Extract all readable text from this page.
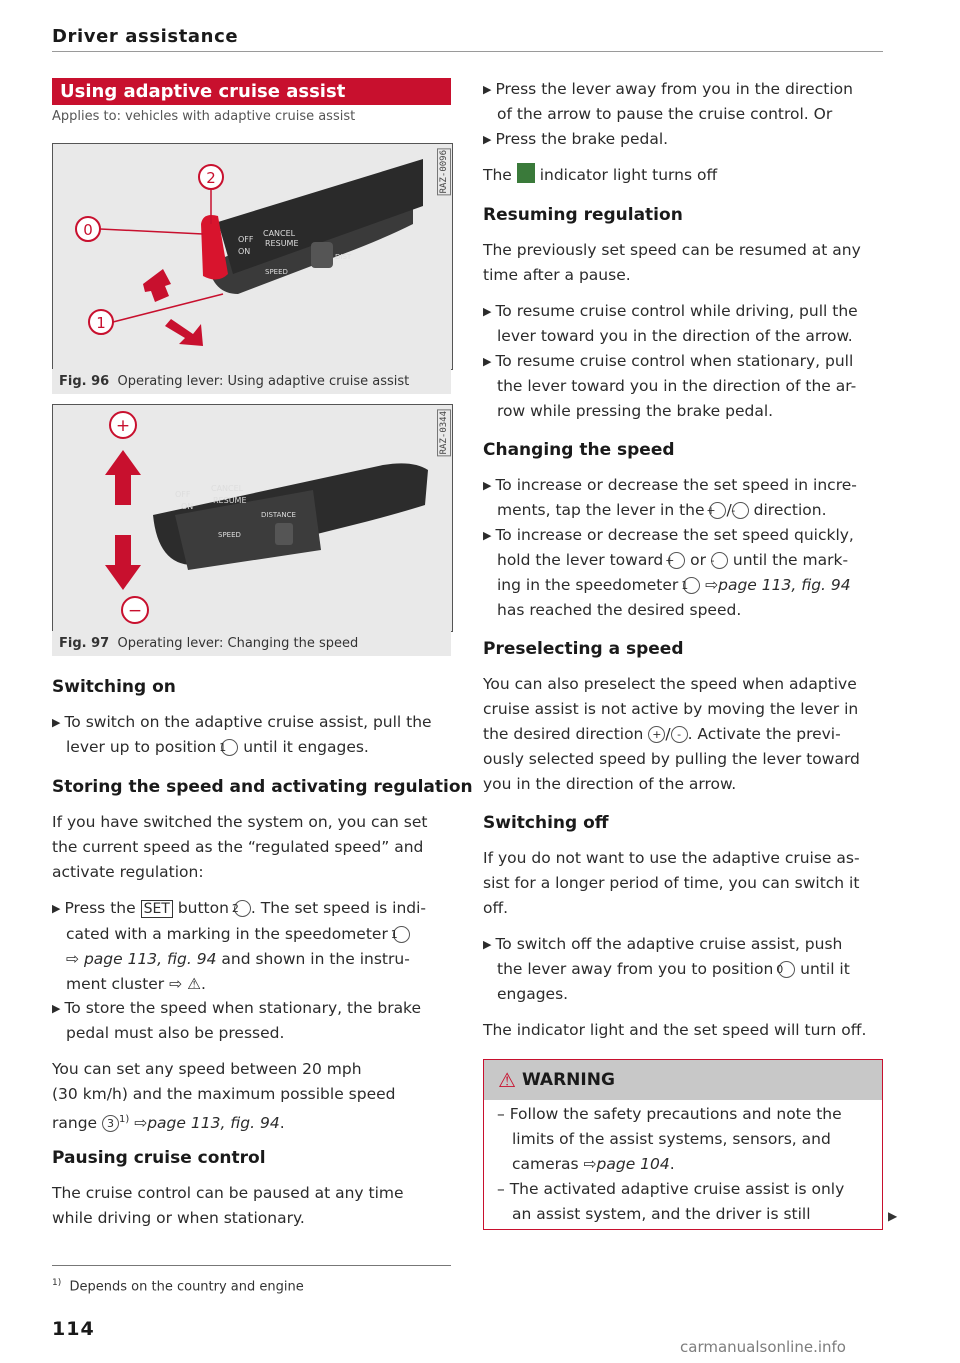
Driver assistance
Using adaptive cruise assist
Applies to: vehicles with adaptive cruise assist
OFF
ON
CANCEL
RESUME
SPEED
DIST
0
2
1
RAZ-0096
Fig. 96 Operating lever: Using adaptive cruise assist
OFF
ON
CANCEL
RESUME
SPEED
DISTANCE
+
−
RAZ-0344
Fig. 97 Operating lever: Changing the speed
Switching on
▶ To switch on the adaptive cruise assist, pull the
lever up to position 1 until it engages.
Storing the speed and activating regulation
If you have switched the system on, you can set
the current speed as the “regulated speed” and
activate regulation:
▶ Press the SET button 2 . The set speed is indi-
cated with a marking in the speedometer 1
⇨ page 113, fig. 94 and shown in the instru-
ment cluster ⇨ ⚠.
▶ To store the speed when stationary, the brake
pedal must also be pressed.
You can set any speed between 20 mph
(30 km/h) and the maximum possible speed
range 3 $^{1)}$ ⇨page 113, fig. 94.
Pausing cruise control
The cruise control can be paused at any time
while driving or when stationary.
$^{1)}$ Depends on the country and engine
114
▶ Press the lever away from you in the direction
of the arrow to pause the cruise control. Or
▶ Press the brake pedal.
The indicator light turns off
Resuming regulation
The previously set speed can be resumed at any
time after a pause.
▶ To resume cruise control while driving, pull the
lever toward you in the direction of the arrow.
▶ To resume cruise control when stationary, pull
the lever toward you in the direction of the ar-
row while pressing the brake pedal.
Changing the speed
▶ To increase or decrease the set speed in incre-
ments, tap the lever in the + /- direction.
▶ To increase or decrease the set speed quickly,
hold the lever toward + or - until the mark-
ing in the speedometer 1 ⇨page 113, fig. 94
has reached the desired speed.
Preselecting a speed
You can also preselect the speed when adaptive
cruise assist is not active by moving the lever in
the desired direction + / - . Activate the previ-
ously selected speed by pulling the lever toward
you in the direction of the arrow.
Switching off
If you do not want to use the adaptive cruise as-
sist for a longer period of time, you can switch it
off.
▶ To switch off the adaptive cruise assist, push
the lever away from you to position 0 until it
engages.
The indicator light and the set speed will turn off.
⚠ WARNING
– Follow the safety precautions and note the
limits of the assist systems, sensors, and
cameras ⇨page 104.
– The activated adaptive cruise assist is only
an assist system, and the driver is still	▶
carmanualsonline.info
